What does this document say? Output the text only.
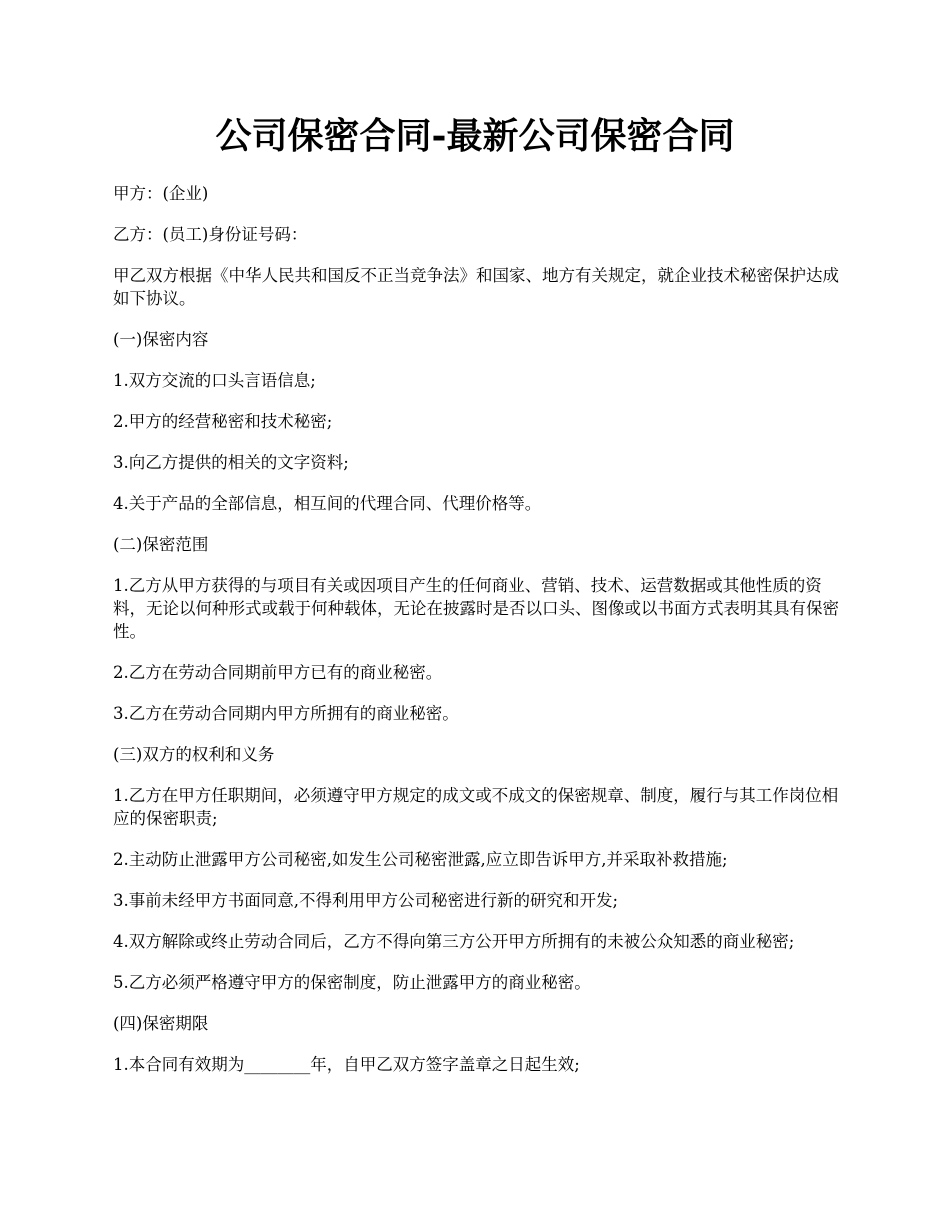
公司保密合同-最新公司保密合同

甲方：(企业)

乙方：(员工)身份证号码：

甲乙双方根据《中华人民共和国反不正当竞争法》和国家、地方有关规定，就企业技术秘密保护达成如下协议。

(一)保密内容

1.双方交流的口头言语信息;

2.甲方的经营秘密和技术秘密;

3.向乙方提供的相关的文字资料;

4.关于产品的全部信息，相互间的代理合同、代理价格等。

(二)保密范围

1.乙方从甲方获得的与项目有关或因项目产生的任何商业、营销、技术、运营数据或其他性质的资料，无论以何种形式或载于何种载体，无论在披露时是否以口头、图像或以书面方式表明其具有保密性。

2.乙方在劳动合同期前甲方已有的商业秘密。

3.乙方在劳动合同期内甲方所拥有的商业秘密。

(三)双方的权利和义务

1.乙方在甲方任职期间，必须遵守甲方规定的成文或不成文的保密规章、制度，履行与其工作岗位相应的保密职责;

2.主动防止泄露甲方公司秘密,如发生公司秘密泄露,应立即告诉甲方,并采取补救措施;

3.事前未经甲方书面同意,不得利用甲方公司秘密进行新的研究和开发;

4.双方解除或终止劳动合同后，乙方不得向第三方公开甲方所拥有的未被公众知悉的商业秘密;

5.乙方必须严格遵守甲方的保密制度，防止泄露甲方的商业秘密。

(四)保密期限

1.本合同有效期为________年，自甲乙双方签字盖章之日起生效;
